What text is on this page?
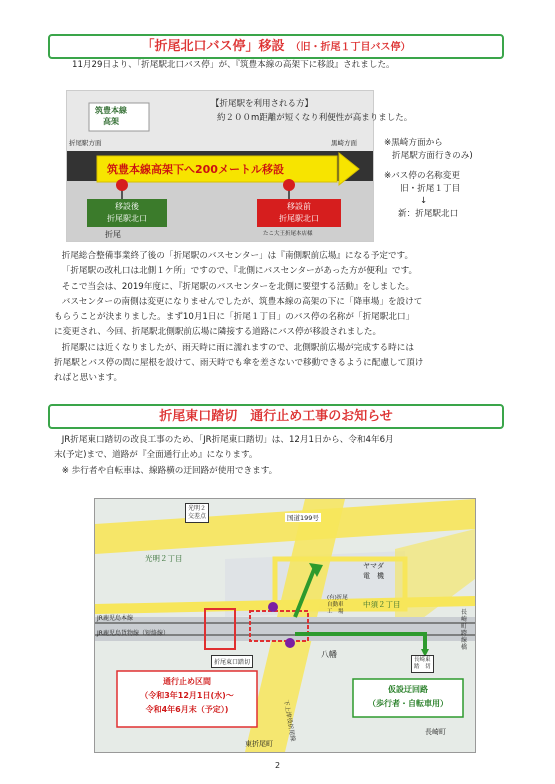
「折尾北口バス停」移設 （旧・折尾１丁目バス停）

11月29日より、「折尾駅北口バス停」が、『筑豊本線の高架下に移設』されました。

筑豊本線
高架
【折尾駅を利用される方】
約２００m距離が短くなり利便性が高まりました。
折尾駅方面	黒崎方面
筑豊本線高架下へ200メートル移設
移設後
折尾駅北口
移設前
折尾駅北口
折尾	たこ大王折尾本店様

※黒崎方面から

折尾駅方面行きのみ)

※バス停の名称変更

旧・折尾１丁目

↓

新：折尾駅北口

折尾総合整備事業終了後の「折尾駅のバスセンター」は『南側駅前広場』になる予定です。

「折尾駅の改札口は北側１ケ所」ですので、『北側にバスセンターがあった方が便利』です。

そこで当会は、2019年度に、『折尾駅のバスセンターを北側に要望する活動』をしました。

バスセンターの南側は変更になりませんでしたが、筑豊本線の高架の下に「降車場」を設けて

もらうことが決まりました。まず10月1日に「折尾１丁目」のバス停の名称が「折尾駅北口」

に変更され、今回、折尾駅北側駅前広場に隣接する道路にバス停が移設されました。

折尾駅には近くなりましたが、雨天時に雨に濡れますので、北側駅前広場が完成する時には

折尾駅とバス停の間に屋根を設けて、雨天時でも傘を差さないで移動できるように配慮して頂け

ればと思います。

折尾東口踏切　通行止め工事のお知らせ

JR折尾東口踏切の改良工事のため、「JR折尾東口踏切」は、12月1日から、令和4年6月

末(予定)まで、道路が『全面通行止め』になります。

※ 歩行者や自転車は、線路横の迂回路が使用できます。

光明２
交差点	国道199号
光明２丁目
ヤマダ
電　機
中須２丁目
JR鹿児島本線
JR鹿児島貨物線（短絡線）
(有)折尾
自動車
工　場	長
崎
町
跨
線
橋
折尾東口踏切	長崎東
踏　切
通行止め区間
（令和3年12月1日(水)～
令和4年6月末（予定）)
仮設迂回路
（歩行者・自転車用）
下上津役折尾線
八幡
長崎町
東折尾町
2
